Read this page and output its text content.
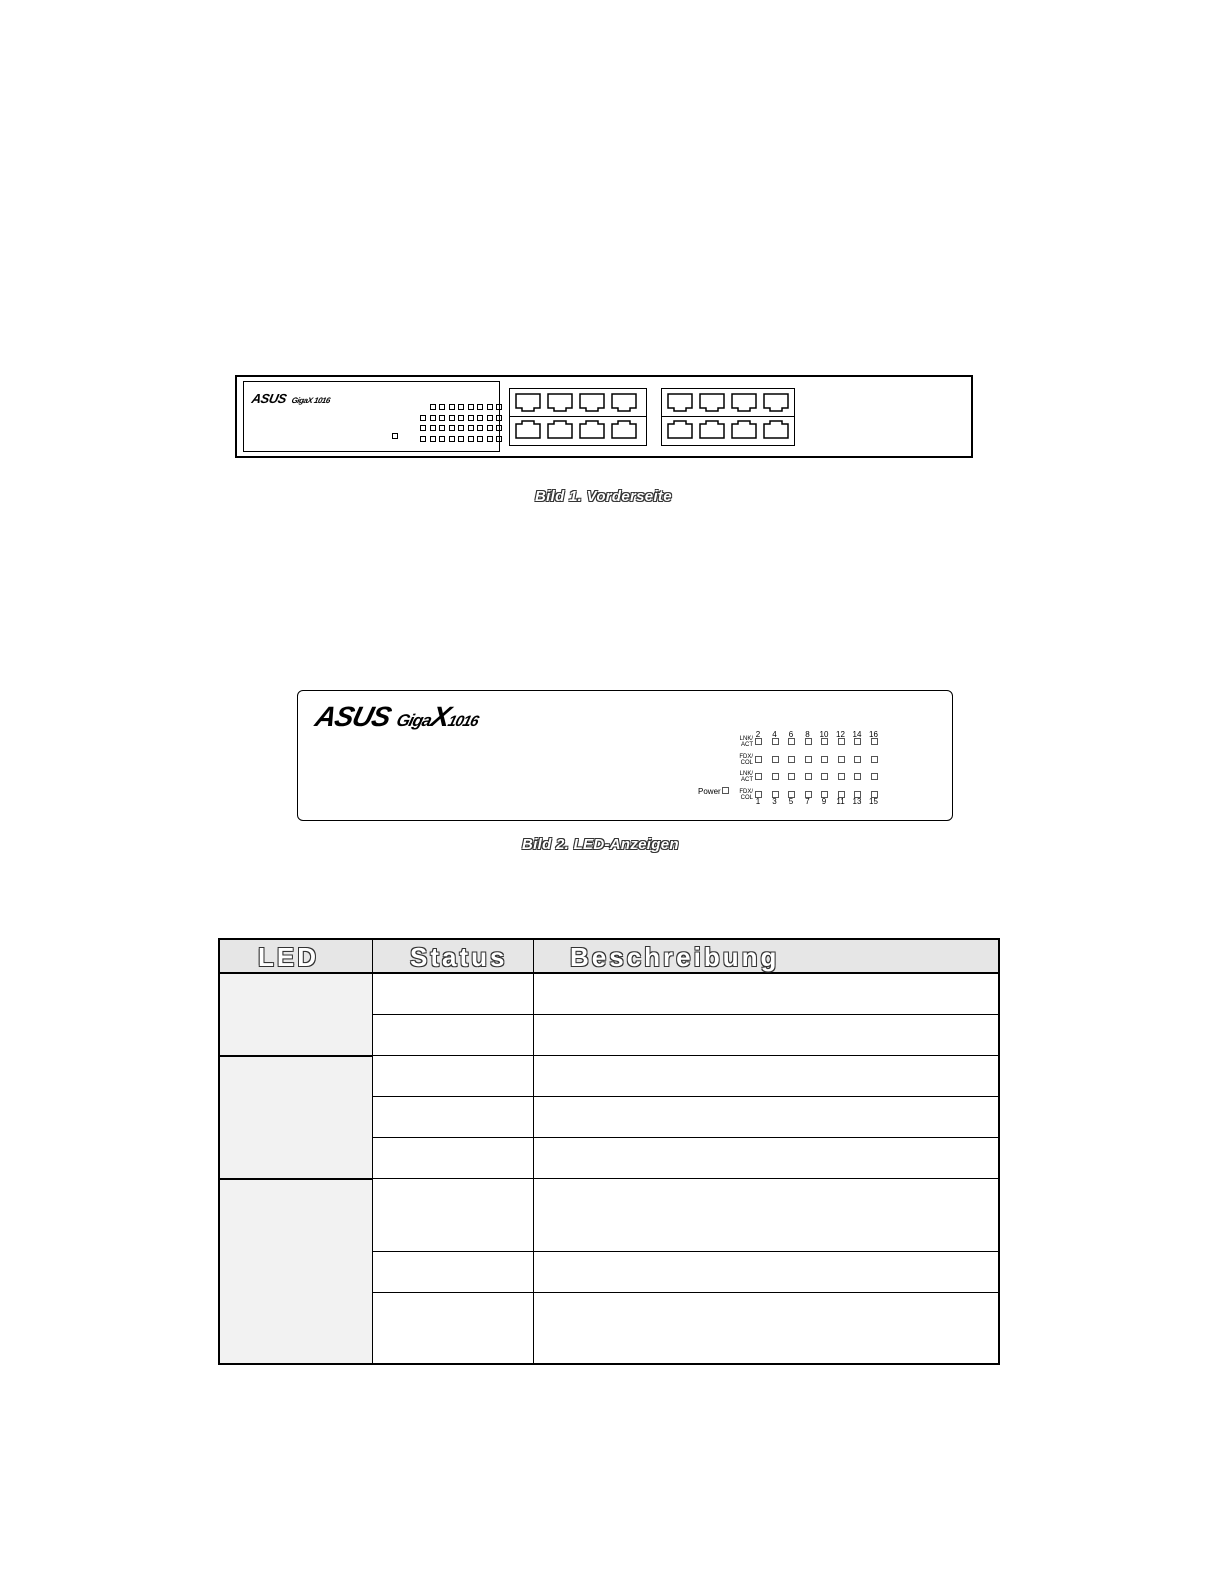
ASUS GigaX 1016
Bild 1. Vorderseite
ASUSGigaX1016
2	4	6	8	10 12 14 16
1	3	5	7	9	11 13 15
LNK/
ACT
FDX/
COL
LNK/
ACT
FDX/
COL
Power
Bild 2. LED-Anzeigen
LED	Status Beschreibung
